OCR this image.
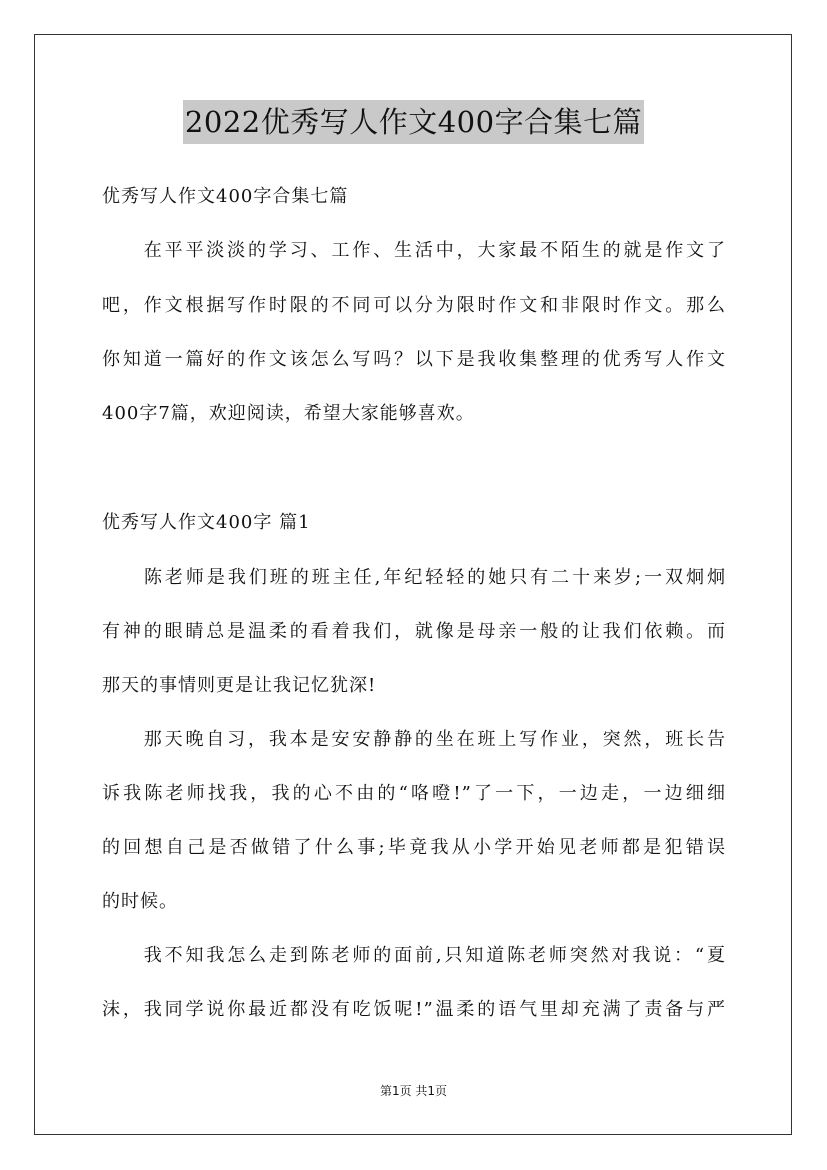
2022优秀写人作文400字合集七篇
优秀写人作文400字合集七篇
　　在平平淡淡的学习、工作、生活中，大家最不陌生的就是作文了
吧，作文根据写作时限的不同可以分为限时作文和非限时作文。那么
你知道一篇好的作文该怎么写吗？以下是我收集整理的优秀写人作文
400字7篇，欢迎阅读，希望大家能够喜欢。
优秀写人作文400字 篇1
　　陈老师是我们班的班主任,年纪轻轻的她只有二十来岁;一双炯炯
有神的眼睛总是温柔的看着我们，就像是母亲一般的让我们依赖。而
那天的事情则更是让我记忆犹深!
　　那天晚自习，我本是安安静静的坐在班上写作业，突然，班长告
诉我陈老师找我，我的心不由的“咯噔!”了一下，一边走，一边细细
的回想自己是否做错了什么事;毕竟我从小学开始见老师都是犯错误
的时候。
　　我不知我怎么走到陈老师的面前,只知道陈老师突然对我说：“夏
沫，我同学说你最近都没有吃饭呢!”温柔的语气里却充满了责备与严
第1页 共1页
